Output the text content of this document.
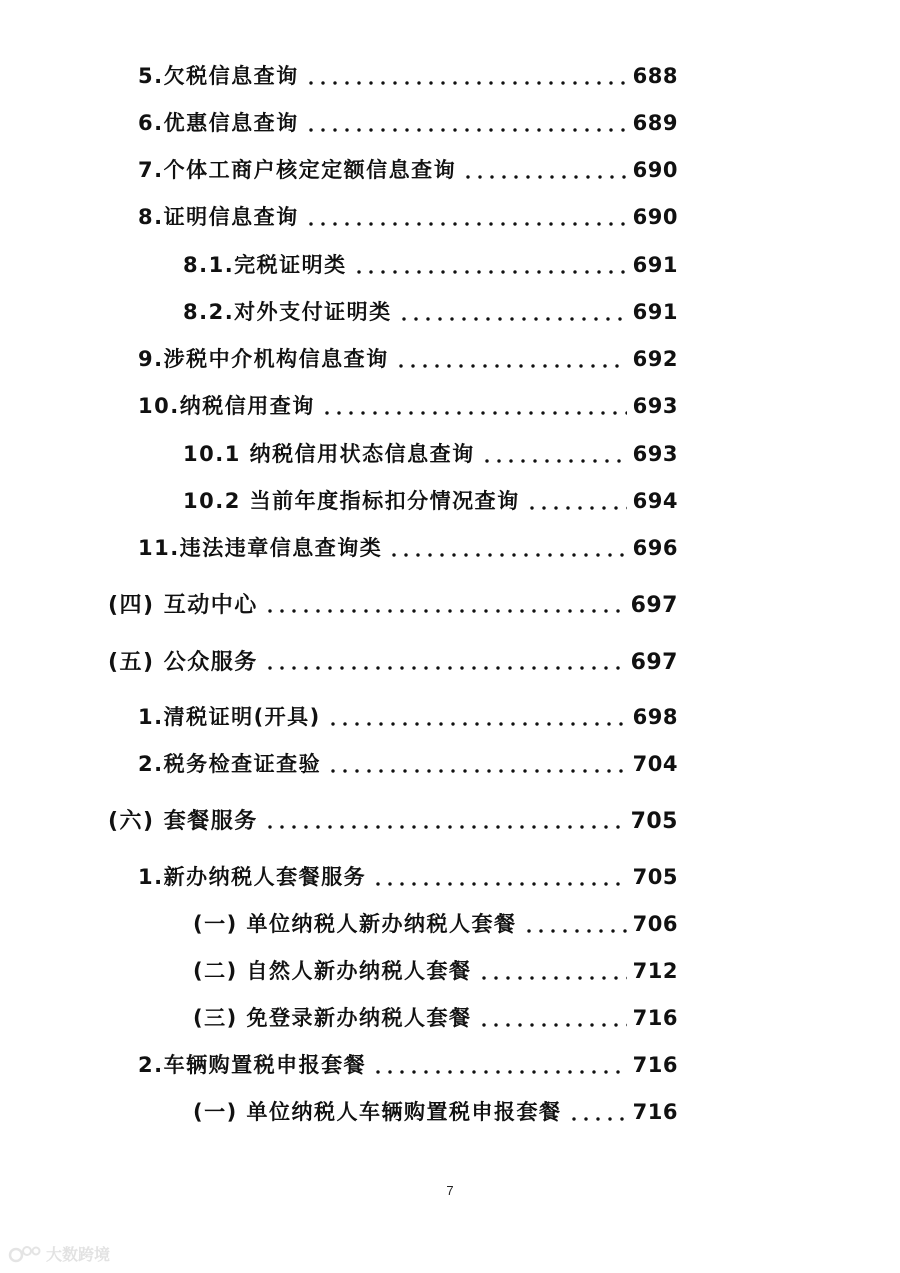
5.欠税信息查询	688
6.优惠信息查询	689
7.个体工商户核定定额信息查询	690
8.证明信息查询	690
8.1.完税证明类	691
8.2.对外支付证明类	691
9.涉税中介机构信息查询	692
10.纳税信用查询	693
10.1 纳税信用状态信息查询	693
10.2 当前年度指标扣分情况查询	694
11.违法违章信息查询类	696
(四) 互动中心	697
(五) 公众服务	697
1.清税证明(开具)	698
2.税务检查证查验	704
(六) 套餐服务	705
1.新办纳税人套餐服务	705
(一) 单位纳税人新办纳税人套餐	706
(二) 自然人新办纳税人套餐	712
(三) 免登录新办纳税人套餐	716
2.车辆购置税申报套餐	716
(一) 单位纳税人车辆购置税申报套餐	716
7
大数跨境
